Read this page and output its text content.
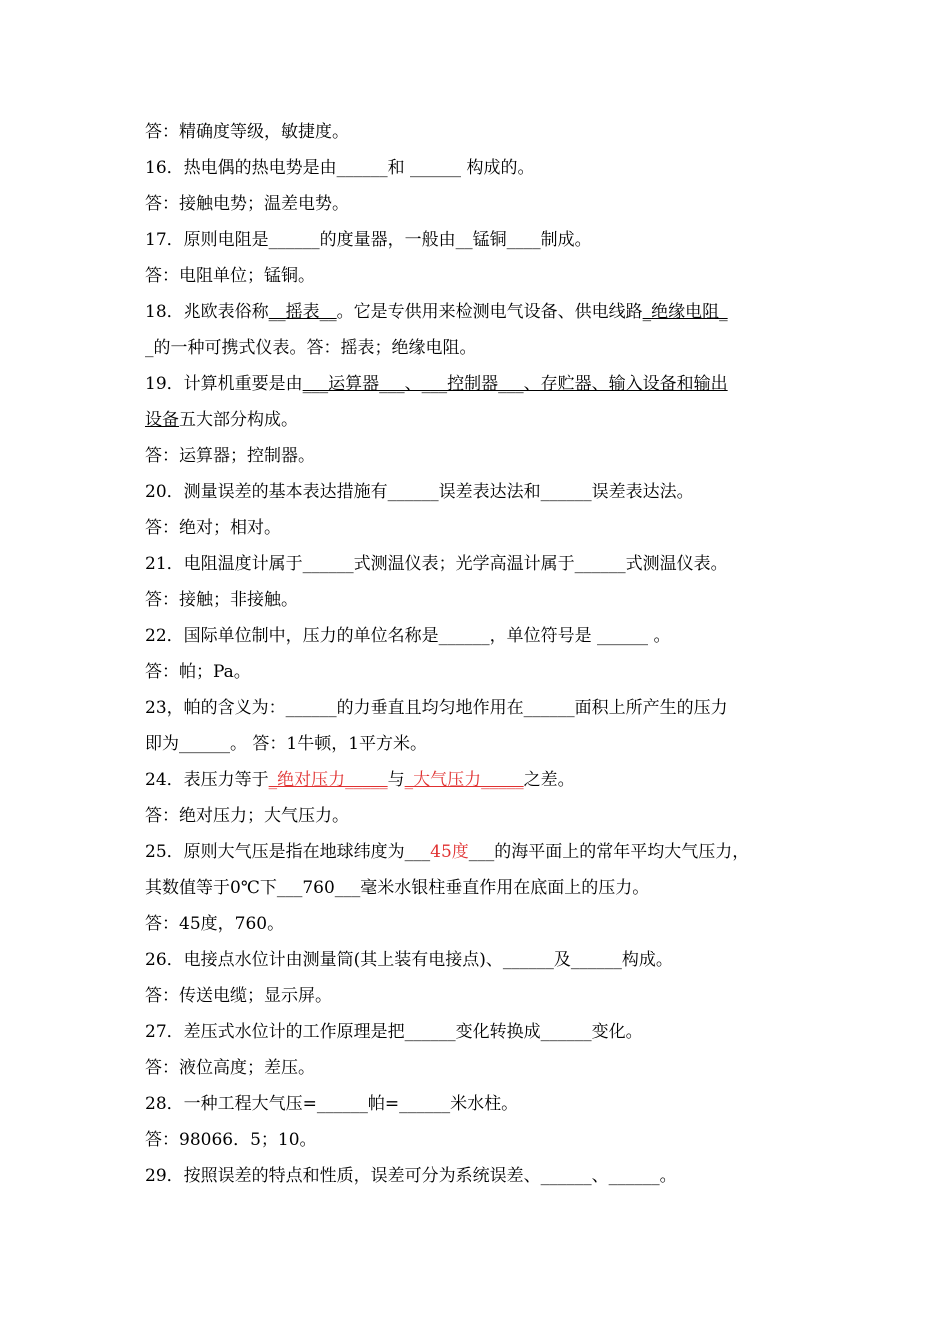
答：精确度等级，敏捷度。
16．热电偶的热电势是由______和 ______ 构成的。
答：接触电势；温差电势。
17．原则电阻是______的度量器，一般由__锰铜____制成。
答：电阻单位；锰铜。
18．兆欧表俗称__摇表__。它是专供用来检测电气设备、供电线路_绝缘电阻_
_的一种可携式仪表。答：摇表；绝缘电阻。
19．计算机重要是由___运算器___、___控制器___、存贮器、输入设备和输出
设备五大部分构成。
答：运算器；控制器。
20．测量误差的基本表达措施有______误差表达法和______误差表达法。
答：绝对；相对。
21．电阻温度计属于______式测温仪表；光学高温计属于______式测温仪表。
答：接触；非接触。
22．国际单位制中，压力的单位名称是______，单位符号是 ______ 。
答：帕；Pa。
23，帕的含义为：______的力垂直且均匀地作用在______面积上所产生的压力
即为______。 答：1牛顿，1平方米。
24．表压力等于_绝对压力_____与_大气压力_____之差。
答：绝对压力；大气压力。
25．原则大气压是指在地球纬度为___45度___的海平面上的常年平均大气压力，
其数值等于0℃下___760___毫米水银柱垂直作用在底面上的压力。
答：45度，760。
26．电接点水位计由测量筒(其上装有电接点)、______及______构成。
答：传送电缆；显示屏。
27．差压式水位计的工作原理是把______变化转换成______变化。
答：液位高度；差压。
28．一种工程大气压=______帕=______米水柱。
答：98066．5；10。
29．按照误差的特点和性质，误差可分为系统误差、______、______。
